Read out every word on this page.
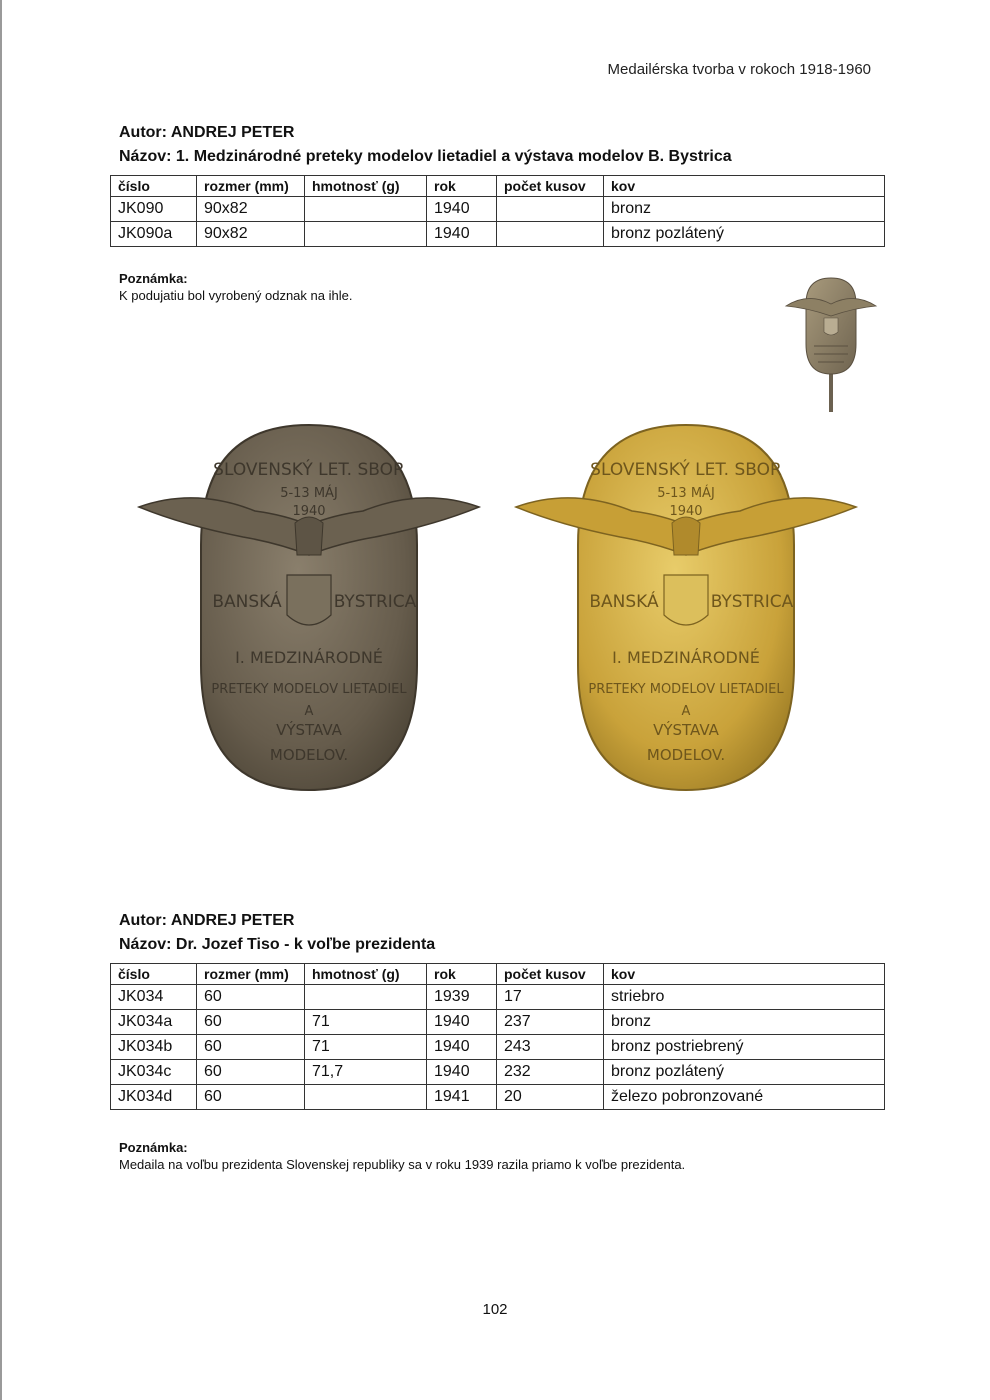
Medailérska tvorba v rokoch 1918-1960
Autor: ANDREJ PETER
Názov: 1. Medzinárodné preteky modelov lietadiel a výstava modelov B. Bystrica
číslo	rozmer (mm)	hmotnosť (g)	rok	počet kusov	kov
JK090	90x82		1940		bronz
JK090a	90x82		1940		bronz pozlátený
Poznámka:
K podujatiu bol vyrobený odznak na ihle.
SLOVENSKÝ LET. SBOR
5-13 MÁJ
1940
BANSKÁ	BYSTRICA
I. MEDZINÁRODNÉ
PRETEKY MODELOV LIETADIEL
A
VÝSTAVA
MODELOV.
SLOVENSKÝ LET. SBOR
5-13 MÁJ
1940
BANSKÁ	BYSTRICA
I. MEDZINÁRODNÉ
PRETEKY MODELOV LIETADIEL
A
VÝSTAVA
MODELOV.
Autor: ANDREJ PETER
Názov: Dr. Jozef Tiso - k voľbe prezidenta
číslo	rozmer (mm)	hmotnosť (g)	rok	počet kusov	kov
JK034	60		1939	17	striebro
JK034a	60	71	1940	237	bronz
JK034b	60	71	1940	243	bronz postriebrený
JK034c	60	71,7	1940	232	bronz pozlátený
JK034d	60		1941	20	železo pobronzované
Poznámka:
Medaila na voľbu prezidenta Slovenskej republiky sa v roku 1939 razila priamo k voľbe prezidenta.
102
